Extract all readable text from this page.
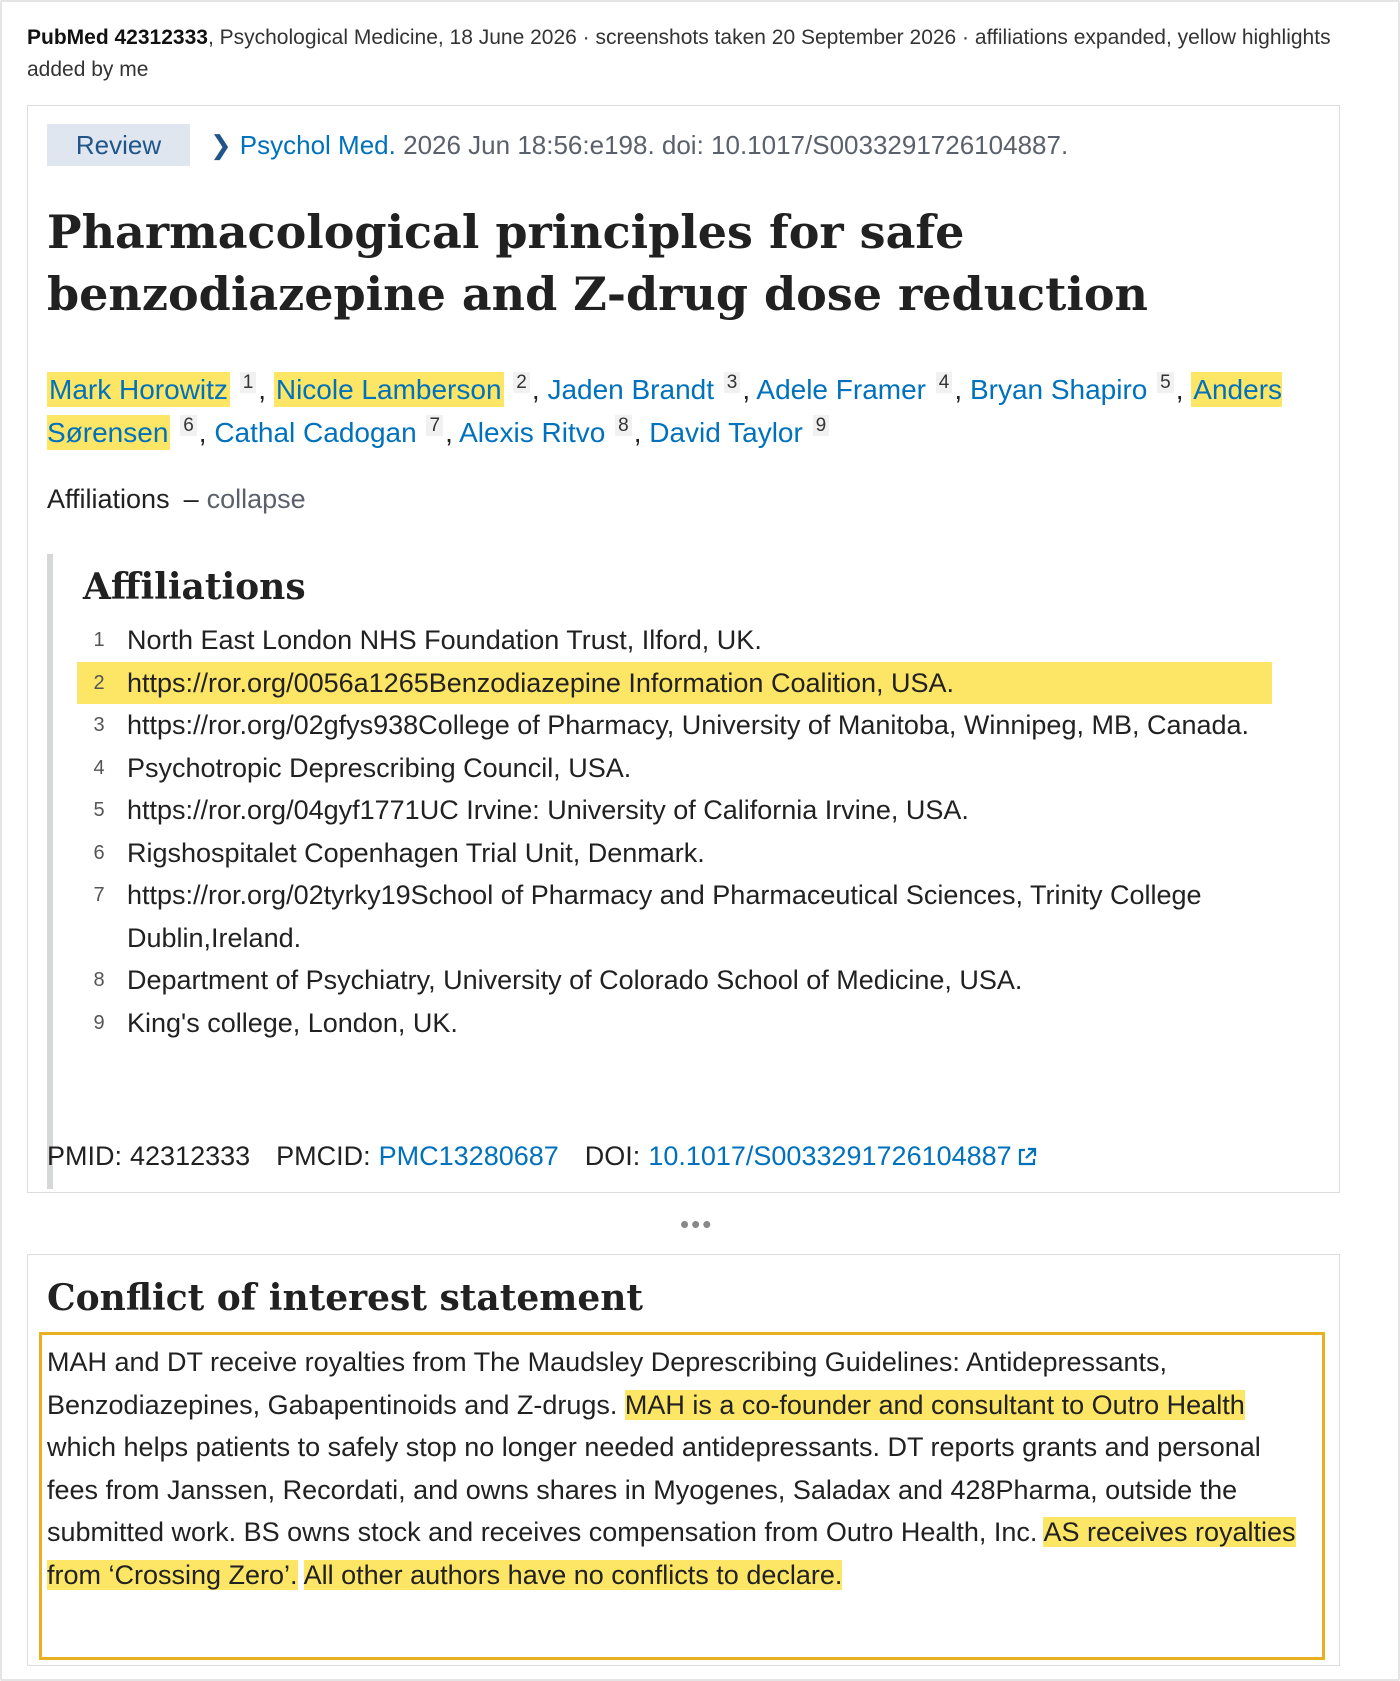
PubMed 42312333, Psychological Medicine, 18 June 2026 · screenshots taken 20 September 2026 · affiliations expanded, yellow highlights added by me
Review	❯ Psychol Med. 2026 Jun 18:56:e198. doi: 10.1017/S0033291726104887.
Pharmacological principles for safe benzodiazepine and Z-drug dose reduction
Mark Horowitz 1 , Nicole Lamberson 2 , Jaden Brandt 3 , Adele Framer 4 , Bryan Shapiro 5 , Anders Sørensen 6 , Cathal Cadogan 7 , Alexis Ritvo 8 , David Taylor 9
Affiliations – collapse
Affiliations
1 North East London NHS Foundation Trust, Ilford, UK.
2 https://ror.org/0056a1265Benzodiazepine Information Coalition, USA.
3 https://ror.org/02gfys938College of Pharmacy, University of Manitoba, Winnipeg, MB, Canada.
4 Psychotropic Deprescribing Council, USA.
5 https://ror.org/04gyf1771UC Irvine: University of California Irvine, USA.
6 Rigshospitalet Copenhagen Trial Unit, Denmark.
7 https://ror.org/02tyrky19School of Pharmacy and Pharmaceutical Sciences, Trinity College Dublin,Ireland.
8 Department of Psychiatry, University of Colorado School of Medicine, USA.
9 King's college, London, UK.
PMID: 42312333 PMCID: PMC13280687 DOI: 10.1017/S0033291726104887
•••
Conflict of interest statement
MAH and DT receive royalties from The Maudsley Deprescribing Guidelines: Antidepressants, Benzodiazepines, Gabapentinoids and Z-drugs. MAH is a co-founder and consultant to Outro Health which helps patients to safely stop no longer needed antidepressants. DT reports grants and personal fees from Janssen, Recordati, and owns shares in Myogenes, Saladax and 428Pharma, outside the submitted work. BS owns stock and receives compensation from Outro Health, Inc. AS receives royalties from ‘Crossing Zero’. All other authors have no conflicts to declare.
